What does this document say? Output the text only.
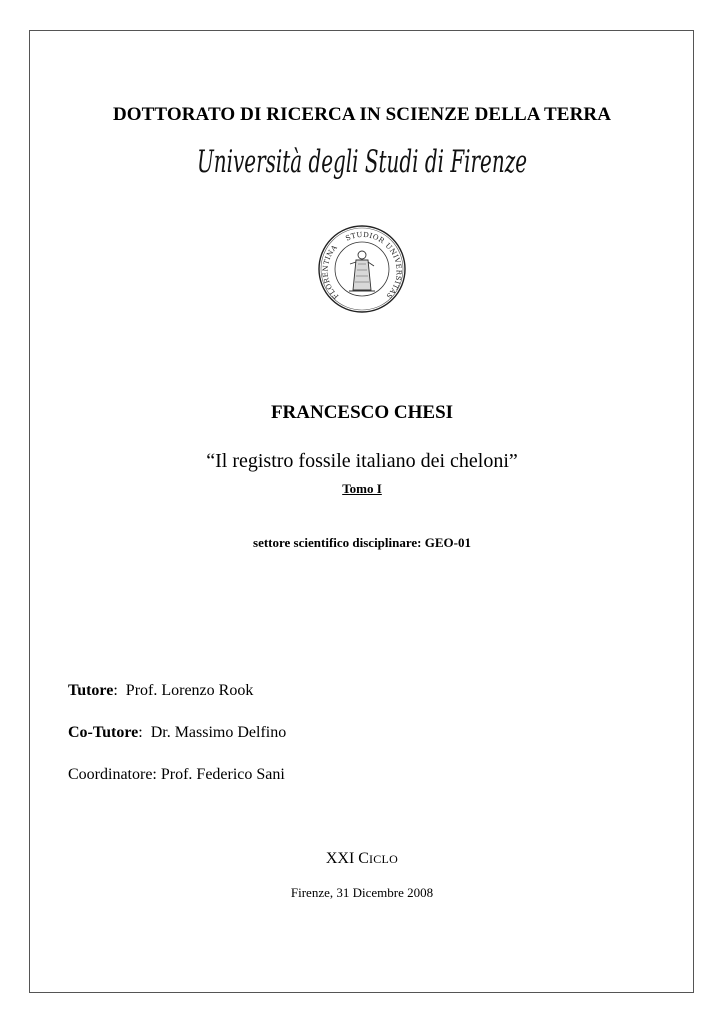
DOTTORATO DI RICERCA IN SCIENZE DELLA TERRA
Università degli Studi di Firenze
FLORENTINA
STUDIOR
UNIVERSITAS
FRANCESCO CHESI
“Il registro fossile italiano dei cheloni”
Tomo I
settore scientifico disciplinare: GEO-01
Tutore:  Prof. Lorenzo Rook
Co-Tutore:  Dr. Massimo Delfino
Coordinatore: Prof. Federico Sani
XXI CICLO
Firenze, 31 Dicembre 2008
